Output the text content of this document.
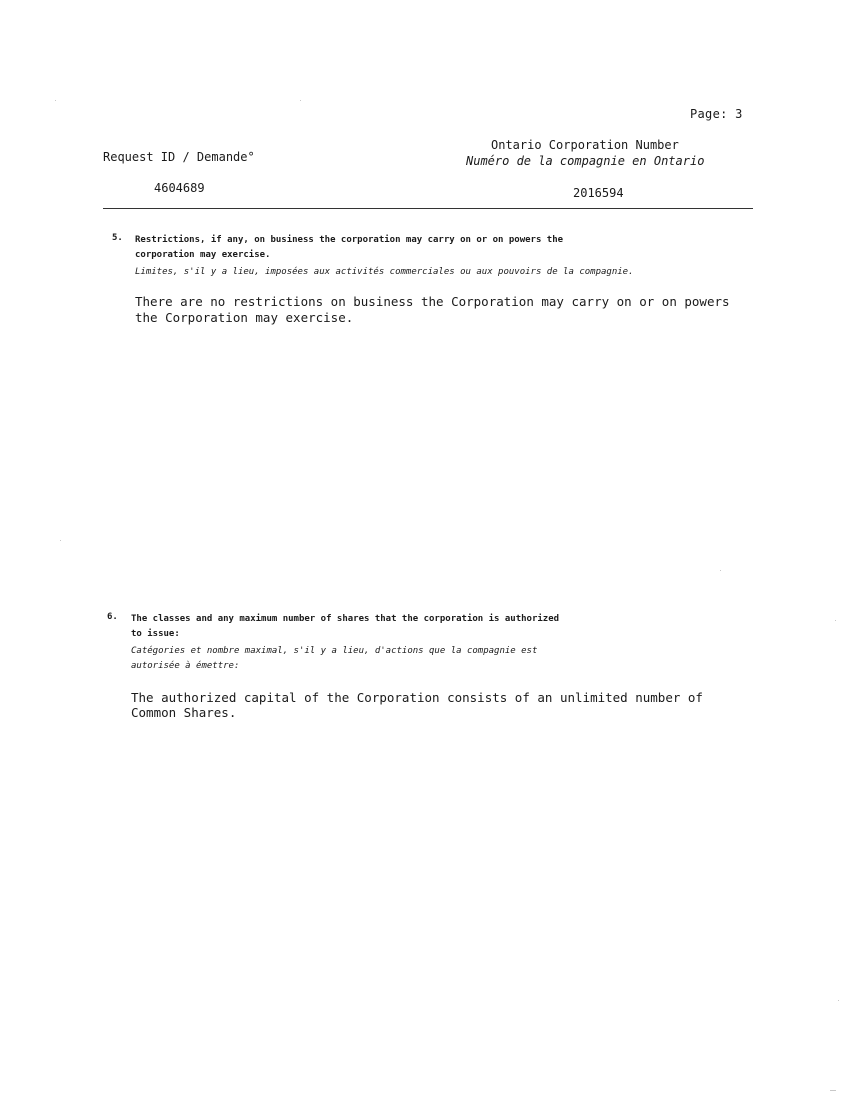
Page: 3
Request ID / Demande°
4604689
Ontario Corporation Number
Numéro de la compagnie en Ontario
2016594
5. Restrictions, if any, on business the corporation may carry on or on powers the
corporation may exercise.
Limites, s'il y a lieu, imposées aux activités commerciales ou aux pouvoirs de la compagnie.
There are no restrictions on business the Corporation may carry on or on powers
the Corporation may exercise.
6. The classes and any maximum number of shares that the corporation is authorized
to issue:
Catégories et nombre maximal, s'il y a lieu, d'actions que la compagnie est
autorisée à émettre:
The authorized capital of the Corporation consists of an unlimited number of
Common Shares.
